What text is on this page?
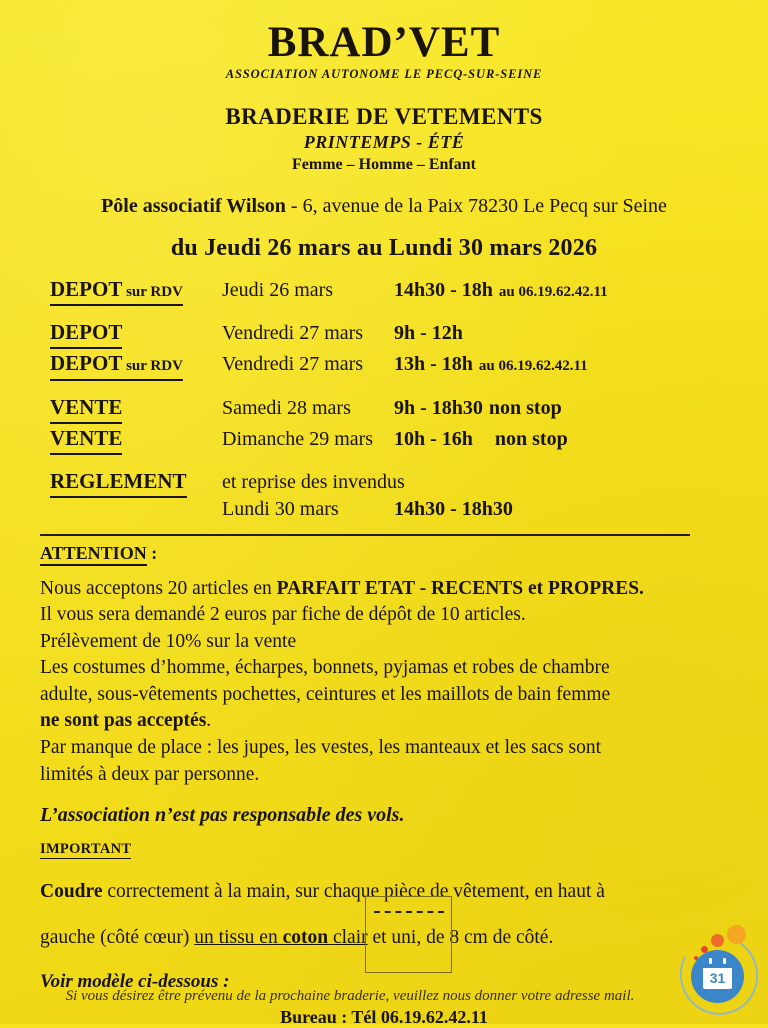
BRAD’VET
ASSOCIATION AUTONOME LE PECQ-SUR-SEINE
BRADERIE DE VETEMENTS
PRINTEMPS - ÉTÉ
Femme – Homme – Enfant
Pôle associatif Wilson - 6, avenue de la Paix 78230 Le Pecq sur Seine
du Jeudi 26 mars au Lundi 30 mars 2026
DEPOT sur RDV	Jeudi 26 mars	14h30 - 18h au 06.19.62.42.11
DEPOT	Vendredi 27 mars	9h - 12h
DEPOT sur RDV	Vendredi 27 mars	13h - 18h au 06.19.62.42.11
VENTE	Samedi 28 mars	9h - 18h30 non stop
VENTE	Dimanche 29 mars	10h - 16h non stop
REGLEMENT	et reprise des invendus
Lundi 30 mars	14h30 - 18h30
ATTENTION :

Nous acceptons 20 articles en PARFAIT ETAT - RECENTS et PROPRES.

Il vous sera demandé 2 euros par fiche de dépôt de 10 articles.

Prélèvement de 10% sur la vente

Les costumes d’homme, écharpes, bonnets, pyjamas et robes de chambre

adulte, sous-vêtements pochettes, ceintures et les maillots de bain femme

ne sont pas acceptés.

Par manque de place : les jupes, les vestes, les manteaux et les sacs sont

limités à deux par personne.

L’association n’est pas responsable des vols.
IMPORTANT

Coudre correctement à la main, sur chaque pièce de vêtement, en haut à

gauche (côté cœur) un tissu en coton clair et uni, de 8 cm de côté.

Voir modèle ci-dessous :	31
Si vous désirez être prévenu de la prochaine braderie, veuillez nous donner votre adresse mail.
Bureau : Tél 06.19.62.42.11
